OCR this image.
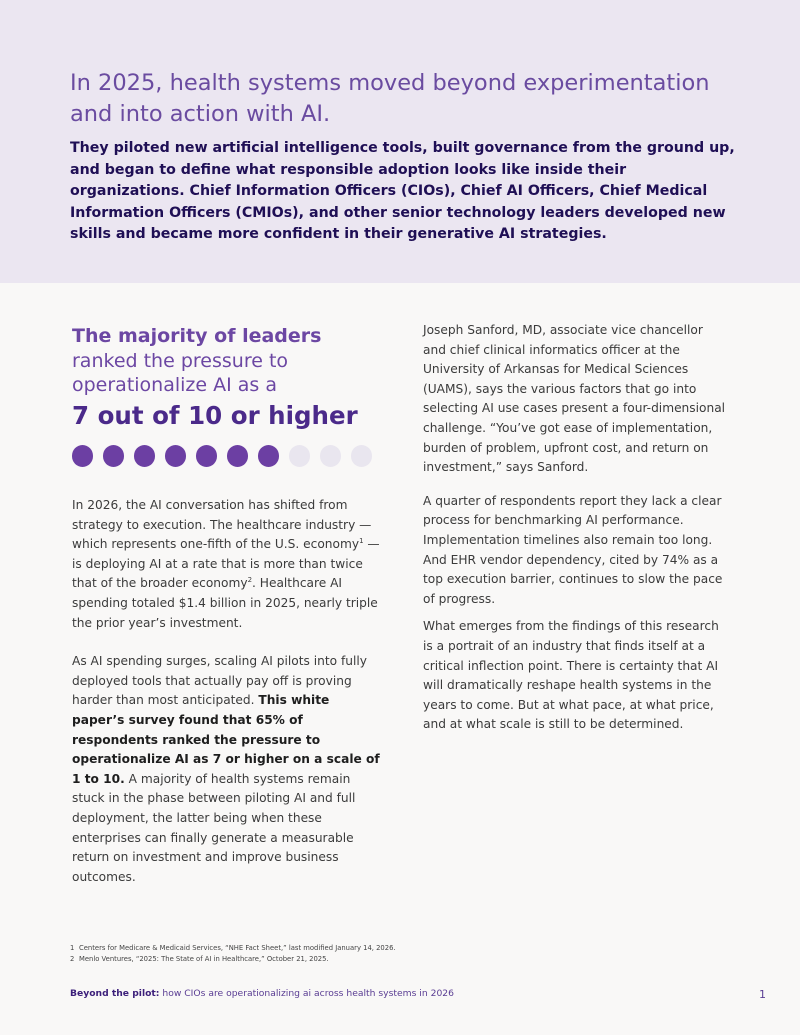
In 2025, health systems moved beyond experimentation and into action with AI.

They piloted new artificial intelligence tools, built governance from the ground up, and began to define what responsible adoption looks like inside their organizations. Chief Information Officers (CIOs), Chief AI Officers, Chief Medical Information Officers (CMIOs), and other senior technology leaders developed new skills and became more confident in their generative AI strategies.

The majority of leaders
ranked the pressure to operationalize AI as a
7 out of 10 or higher

In 2026, the AI conversation has shifted from strategy to execution. The healthcare industry — which represents one-fifth of the U.S. economy$^1$ — is deploying AI at a rate that is more than twice that of the broader economy$^2$. Healthcare AI spending totaled $1.4 billion in 2025, nearly triple the prior year’s investment.

As AI spending surges, scaling AI pilots into fully deployed tools that actually pay off is proving harder than most anticipated. This white paper’s survey found that 65% of respondents ranked the pressure to operationalize AI as 7 or higher on a scale of 1 to 10. A majority of health systems remain stuck in the phase between piloting AI and full deployment, the latter being when these enterprises can finally generate a measurable return on investment and improve business outcomes.

Joseph Sanford, MD, associate vice chancellor and chief clinical informatics officer at the University of Arkansas for Medical Sciences (UAMS), says the various factors that go into selecting AI use cases present a four-dimensional challenge. “You’ve got ease of implementation, burden of problem, upfront cost, and return on investment,” says Sanford.

A quarter of respondents report they lack a clear process for benchmarking AI performance. Implementation timelines also remain too long. And EHR vendor dependency, cited by 74% as a top execution barrier, continues to slow the pace of progress.

What emerges from the findings of this research is a portrait of an industry that finds itself at a critical inflection point. There is certainty that AI will dramatically reshape health systems in the years to come. But at what pace, at what price, and at what scale is still to be determined.

1 Centers for Medicare & Medicaid Services, “NHE Fact Sheet,” last modified January 14, 2026.
2 Menlo Ventures, “2025: The State of AI in Healthcare,” October 21, 2025.
Beyond the pilot: how CIOs are operationalizing ai across health systems in 2026	1
